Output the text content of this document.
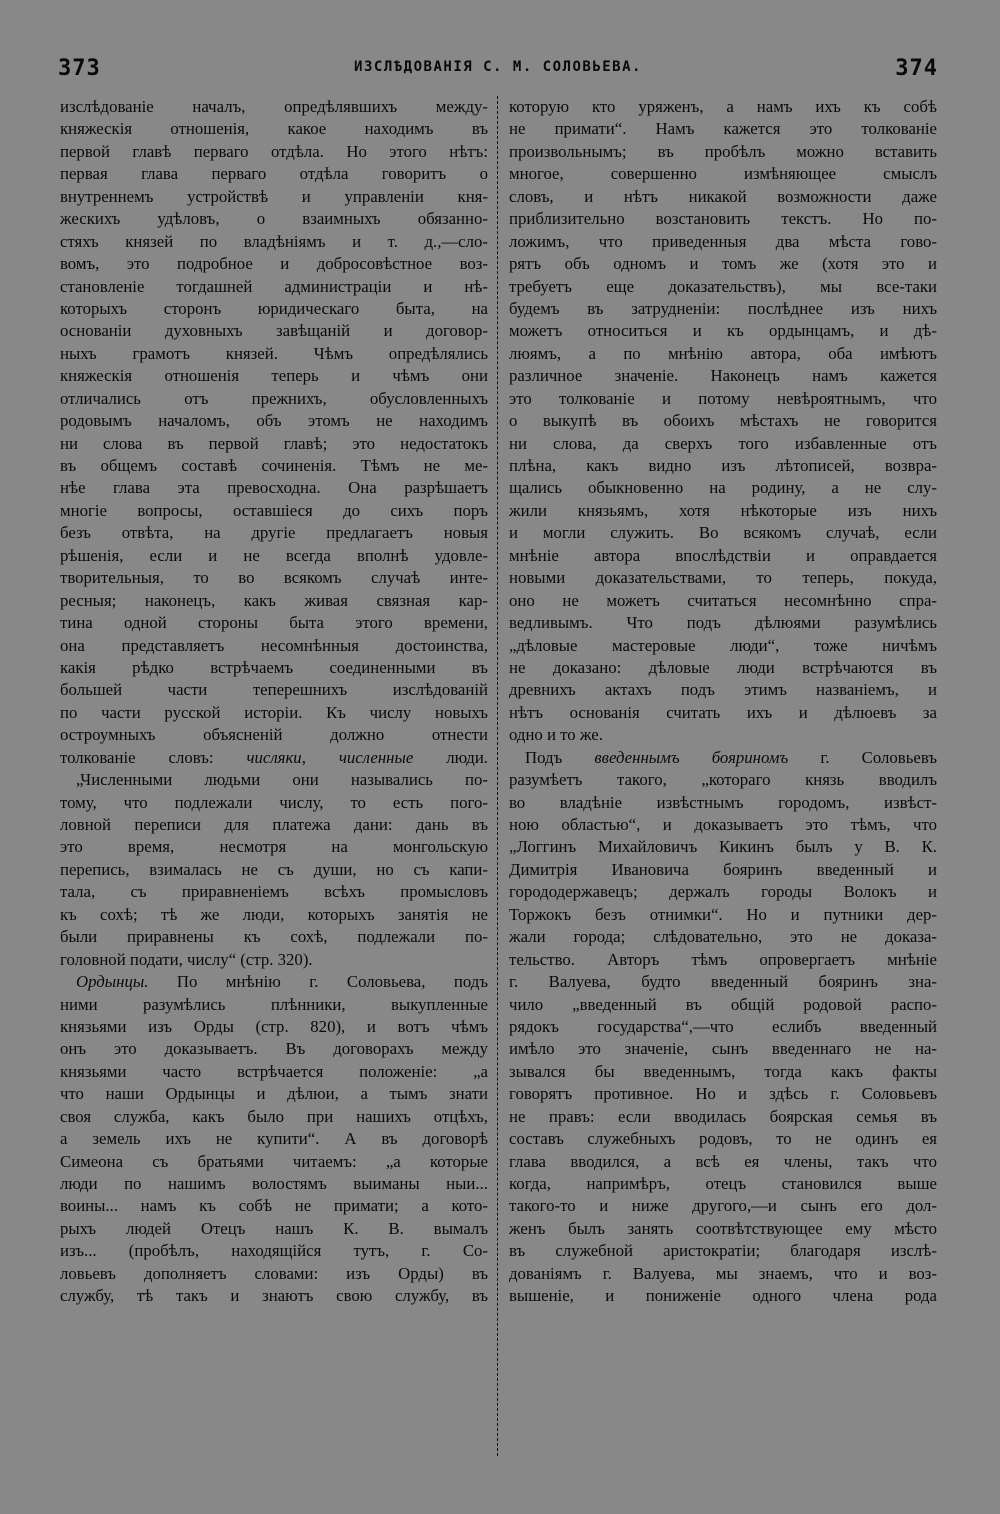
373	ИЗСЛѢДОВАНІЯ С. М. СОЛОВЬЕВА.	374
изслѣдованіе началъ, опредѣлявшихъ между-
княжескія отношенія, какое находимъ въ
первой главѣ перваго отдѣла. Но этого нѣтъ:
первая глава перваго отдѣла говоритъ о
внутреннемъ устройствѣ и управленіи кня-
жескихъ удѣловъ, о взаимныхъ обязанно-
стяхъ князей по владѣніямъ и т. д.,—сло-
вомъ, это подробное и добросовѣстное воз-
становленіе тогдашней администраціи и нѣ-
которыхъ сторонъ юридическаго быта, на
основаніи духовныхъ завѣщаній и договор-
ныхъ грамотъ князей. Чѣмъ опредѣлялись
княжескія отношенія теперь и чѣмъ они
отличались отъ прежнихъ, обусловленныхъ
родовымъ началомъ, объ этомъ не находимъ
ни слова въ первой главѣ; это недостатокъ
въ общемъ составѣ сочиненія. Тѣмъ не ме-
нѣе глава эта превосходна. Она разрѣшаетъ
многіе вопросы, оставшіеся до сихъ поръ
безъ отвѣта, на другіе предлагаетъ новыя
рѣшенія, если и не всегда вполнѣ удовле-
творительныя, то во всякомъ случаѣ инте-
ресныя; наконецъ, какъ живая связная кар-
тина одной стороны быта этого времени,
она представляетъ несомнѣнныя достоинства,
какія рѣдко встрѣчаемъ соединенными въ
большей части теперешнихъ изслѣдованій
по части русской исторіи. Къ числу новыхъ
остроумныхъ объясненій должно отнести
толкованіе словъ: числяки, численные люди.
„Численными людьми они назывались по-
тому, что подлежали числу, то есть пого-
ловной переписи для платежа дани: дань въ
это время, несмотря на монгольскую
перепись, взималась не съ души, но съ капи-
тала, съ приравненіемъ всѣхъ промысловъ
къ сохѣ; тѣ же люди, которыхъ занятія не
были приравнены къ сохѣ, подлежали по-
головной подати, числу“ (стр. 320).
Ордынцы. По мнѣнію г. Соловьева, подъ
ними разумѣлись плѣнники, выкупленные
князьями изъ Орды (стр. 820), и вотъ чѣмъ
онъ это доказываетъ. Въ договорахъ между
князьями часто встрѣчается положеніе: „а
что наши Ордынцы и дѣлюи, а тымъ знати
своя служба, какъ было при нашихъ отцѣхъ,
а земель ихъ не купити“. А въ договорѣ
Симеона съ братьями читаемъ: „а которые
люди по нашимъ волостямъ выиманы ныи...
воины... намъ къ собѣ не примати; а кото-
рыхъ людей Отецъ нашъ К. В. вымалъ
изъ... (пробѣлъ, находящійся тутъ, г. Со-
ловьевъ дополняетъ словами: изъ Орды) въ
службу, тѣ такъ и знаютъ свою службу, въ
которую кто уряженъ, а намъ ихъ къ собѣ
не примати“. Намъ кажется это толкованіе
произвольнымъ; въ пробѣлъ можно вставить
многое, совершенно измѣняющее смыслъ
словъ, и нѣтъ никакой возможности даже
приблизительно возстановить текстъ. Но по-
ложимъ, что приведенныя два мѣста гово-
рятъ объ одномъ и томъ же (хотя это и
требуетъ еще доказательствъ), мы все-таки
будемъ въ затрудненіи: послѣднее изъ нихъ
можетъ относиться и къ ордынцамъ, и дѣ-
люямъ, а по мнѣнію автора, оба имѣютъ
различное значеніе. Наконецъ намъ кажется
это толкованіе и потому невѣроятнымъ, что
о выкупѣ въ обоихъ мѣстахъ не говорится
ни слова, да сверхъ того избавленные отъ
плѣна, какъ видно изъ лѣтописей, возвра-
щались обыкновенно на родину, а не слу-
жили князьямъ, хотя нѣкоторые изъ нихъ
и могли служить. Во всякомъ случаѣ, если
мнѣніе автора впослѣдствіи и оправдается
новыми доказательствами, то теперь, покуда,
оно не можетъ считаться несомнѣнно спра-
ведливымъ. Что подъ дѣлюями разумѣлись
„дѣловые мастеровые люди“, тоже ничѣмъ
не доказано: дѣловые люди встрѣчаются въ
древнихъ актахъ подъ этимъ названіемъ, и
нѣтъ основанія считать ихъ и дѣлюевъ за
одно и то же.
Подъ введеннымъ бояриномъ г. Соловьевъ
разумѣетъ такого, „котораго князь вводилъ
во владѣніе извѣстнымъ городомъ, извѣст-
ною областью“, и доказываетъ это тѣмъ, что
„Логгинъ Михайловичъ Кикинъ былъ у В. К.
Димитрія Ивановича бояринъ введенный и
горододержавецъ; держалъ городы Волокъ и
Торжокъ безъ отнимки“. Но и путники дер-
жали города; слѣдовательно, это не доказа-
тельство. Авторъ тѣмъ опровергаетъ мнѣніе
г. Валуева, будто введенный бояринъ зна-
чило „введенный въ общій родовой распо-
рядокъ государства“,—что еслибъ введенный
имѣло это значеніе, сынъ введеннаго не на-
зывался бы введеннымъ, тогда какъ факты
говорятъ противное. Но и здѣсь г. Соловьевъ
не правъ: если вводилась боярская семья въ
составъ служебныхъ родовъ, то не одинъ ея
глава вводился, а всѣ ея члены, такъ что
когда, напримѣръ, отецъ становился выше
такого-то и ниже другого,—и сынъ его дол-
женъ былъ занять соотвѣтствующее ему мѣсто
въ служебной аристократіи; благодаря изслѣ-
дованіямъ г. Валуева, мы знаемъ, что и воз-
вышеніе, и пониженіе одного члена рода
